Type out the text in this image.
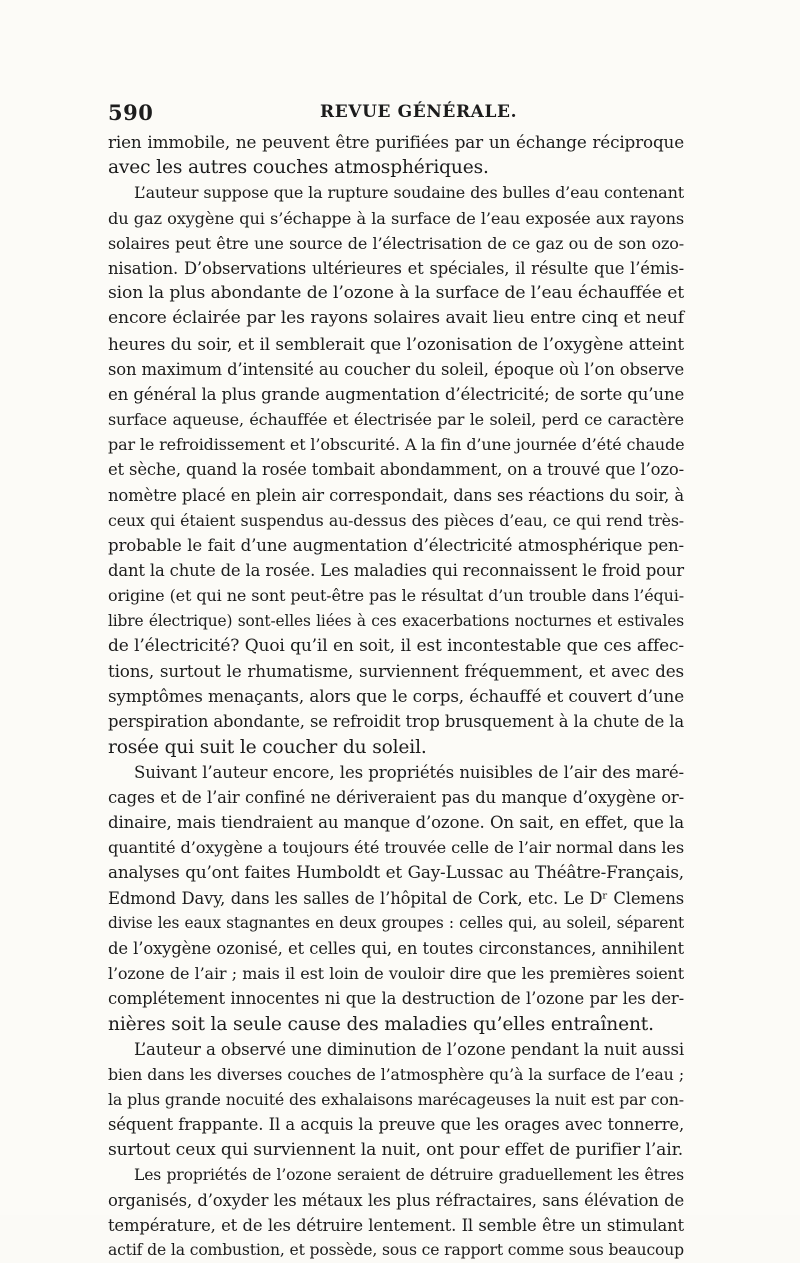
590	REVUE GÉNÉRALE.
rien immobile, ne peuvent être purifiées par un échange réciproque
avec les autres couches atmosphériques.
L’auteur suppose que la rupture soudaine des bulles d’eau contenant
du gaz oxygène qui s’échappe à la surface de l’eau exposée aux rayons
solaires peut être une source de l’électrisation de ce gaz ou de son ozo-
nisation. D’observations ultérieures et spéciales, il résulte que l’émis-
sion la plus abondante de l’ozone à la surface de l’eau échauffée et
encore éclairée par les rayons solaires avait lieu entre cinq et neuf
heures du soir, et il semblerait que l’ozonisation de l’oxygène atteint
son maximum d’intensité au coucher du soleil, époque où l’on observe
en général la plus grande augmentation d’électricité; de sorte qu’une
surface aqueuse, échauffée et électrisée par le soleil, perd ce caractère
par le refroidissement et l’obscurité. A la fin d’une journée d’été chaude
et sèche, quand la rosée tombait abondamment, on a trouvé que l’ozo-
nomètre placé en plein air correspondait, dans ses réactions du soir, à
ceux qui étaient suspendus au-dessus des pièces d’eau, ce qui rend très-
probable le fait d’une augmentation d’électricité atmosphérique pen-
dant la chute de la rosée. Les maladies qui reconnaissent le froid pour
origine (et qui ne sont peut-être pas le résultat d’un trouble dans l’équi-
libre électrique) sont-elles liées à ces exacerbations nocturnes et estivales
de l’électricité? Quoi qu’il en soit, il est incontestable que ces affec-
tions, surtout le rhumatisme, surviennent fréquemment, et avec des
symptômes menaçants, alors que le corps, échauffé et couvert d’une
perspiration abondante, se refroidit trop brusquement à la chute de la
rosée qui suit le coucher du soleil.
Suivant l’auteur encore, les propriétés nuisibles de l’air des maré-
cages et de l’air confiné ne dériveraient pas du manque d’oxygène or-
dinaire, mais tiendraient au manque d’ozone. On sait, en effet, que la
quantité d’oxygène a toujours été trouvée celle de l’air normal dans les
analyses qu’ont faites Humboldt et Gay-Lussac au Théâtre-Français,
Edmond Davy, dans les salles de l’hôpital de Cork, etc. Le Dʳ Clemens
divise les eaux stagnantes en deux groupes : celles qui, au soleil, séparent
de l’oxygène ozonisé, et celles qui, en toutes circonstances, annihilent
l’ozone de l’air ; mais il est loin de vouloir dire que les premières soient
complétement innocentes ni que la destruction de l’ozone par les der-
nières soit la seule cause des maladies qu’elles entraînent.
L’auteur a observé une diminution de l’ozone pendant la nuit aussi
bien dans les diverses couches de l’atmosphère qu’à la surface de l’eau ;
la plus grande nocuité des exhalaisons marécageuses la nuit est par con-
séquent frappante. Il a acquis la preuve que les orages avec tonnerre,
surtout ceux qui surviennent la nuit, ont pour effet de purifier l’air.
Les propriétés de l’ozone seraient de détruire graduellement les êtres
organisés, d’oxyder les métaux les plus réfractaires, sans élévation de
température, et de les détruire lentement. Il semble être un stimulant
actif de la combustion, et possède, sous ce rapport comme sous beaucoup
